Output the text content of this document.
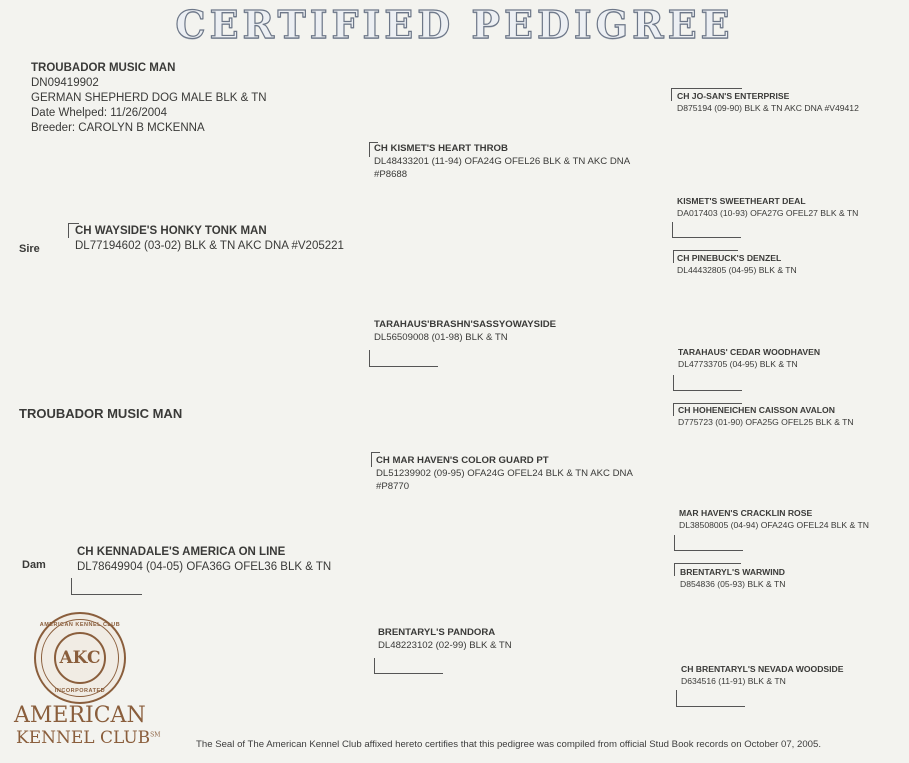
CERTIFIED PEDIGREE
TROUBADOR MUSIC MAN
DN09419902
GERMAN SHEPHERD DOG MALE BLK & TN
Date Whelped: 11/26/2004
Breeder: CAROLYN B MCKENNA
TROUBADOR MUSIC MAN
Sire
Dam
CH WAYSIDE'S HONKY TONK MAN
DL77194602 (03-02) BLK & TN AKC DNA #V205221
CH KENNADALE'S AMERICA ON LINE
DL78649904 (04-05) OFA36G OFEL36 BLK & TN
CH KISMET'S HEART THROB
DL48433201 (11-94) OFA24G OFEL26 BLK & TN AKC DNA
#P8688
TARAHAUS'BRASHN'SASSYOWAYSIDE
DL56509008 (01-98) BLK & TN
CH MAR HAVEN'S COLOR GUARD PT
DL51239902 (09-95) OFA24G OFEL24 BLK & TN AKC DNA
#P8770
BRENTARYL'S PANDORA
DL48223102 (02-99) BLK & TN
CH JO-SAN'S ENTERPRISE
D875194 (09-90) BLK & TN AKC DNA #V49412
KISMET'S SWEETHEART DEAL
DA017403 (10-93) OFA27G OFEL27 BLK & TN
CH PINEBUCK'S DENZEL
DL44432805 (04-95) BLK & TN
TARAHAUS' CEDAR WOODHAVEN
DL47733705 (04-95) BLK & TN
CH HOHENEICHEN CAISSON AVALON
D775723 (01-90) OFA25G OFEL25 BLK & TN
MAR HAVEN'S CRACKLIN ROSE
DL38508005 (04-94) OFA24G OFEL24 BLK & TN
BRENTARYL'S WARWIND
D854836 (05-93) BLK & TN
CH BRENTARYL'S NEVADA WOODSIDE
D634516 (11-91) BLK & TN
AMERICAN KENNEL CLUB
AKC
INCORPORATED
AMERICAN
KENNEL CLUB℠
The Seal of The American Kennel Club affixed hereto certifies that this pedigree was compiled from official Stud Book records on October 07, 2005.
